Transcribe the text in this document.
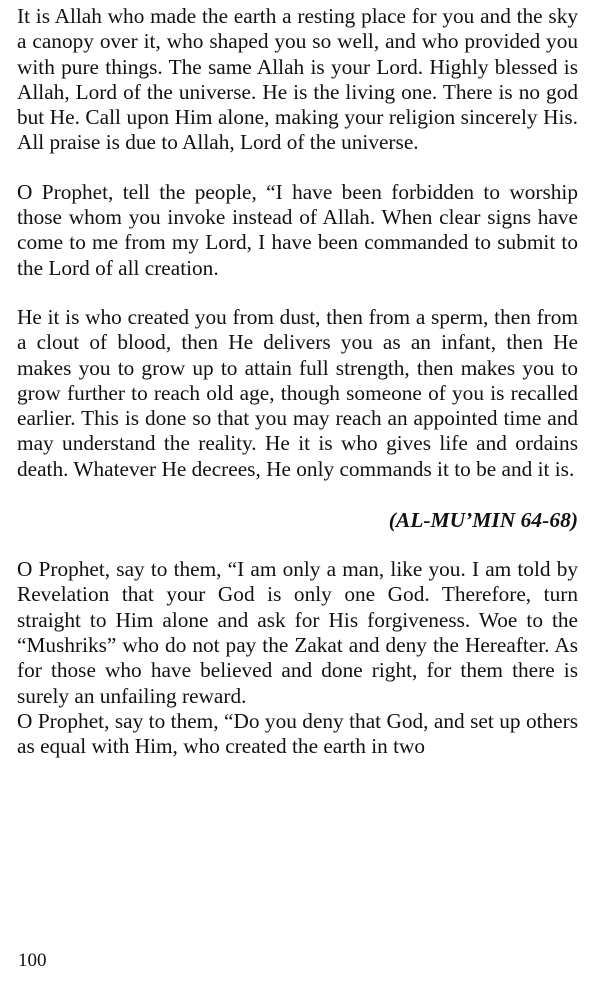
It is Allah who made the earth a resting place for you and the sky a canopy over it, who shaped you so well, and who provided you with pure things. The same Allah is your Lord. Highly blessed is Allah, Lord of the universe. He is the living one. There is no god but He. Call upon Him alone, making your religion sincerely His. All praise is due to Allah, Lord of the universe.

O Prophet, tell the people, “I have been forbidden to worship those whom you invoke instead of Allah. When clear signs have come to me from my Lord, I have been commanded to submit to the Lord of all creation.

He it is who created you from dust, then from a sperm, then from a clout of blood, then He delivers you as an infant, then He makes you to grow up to attain full strength, then makes you to grow further to reach old age, though someone of you is recalled earlier. This is done so that you may reach an appointed time and may understand the reality. He it is who gives life and ordains death. Whatever He decrees, He only commands it to be and it is.

(AL-MU’MIN 64-68)

O Prophet, say to them, “I am only a man, like you. I am told by Revelation that your God is only one God. Therefore, turn straight to Him alone and ask for His forgiveness. Woe to the “Mushriks” who do not pay the Zakat and deny the Hereafter. As for those who have believed and done right, for them there is surely an unfailing reward.

O Prophet, say to them, “Do you deny that God, and set up others as equal with Him, who created the earth in two

100
